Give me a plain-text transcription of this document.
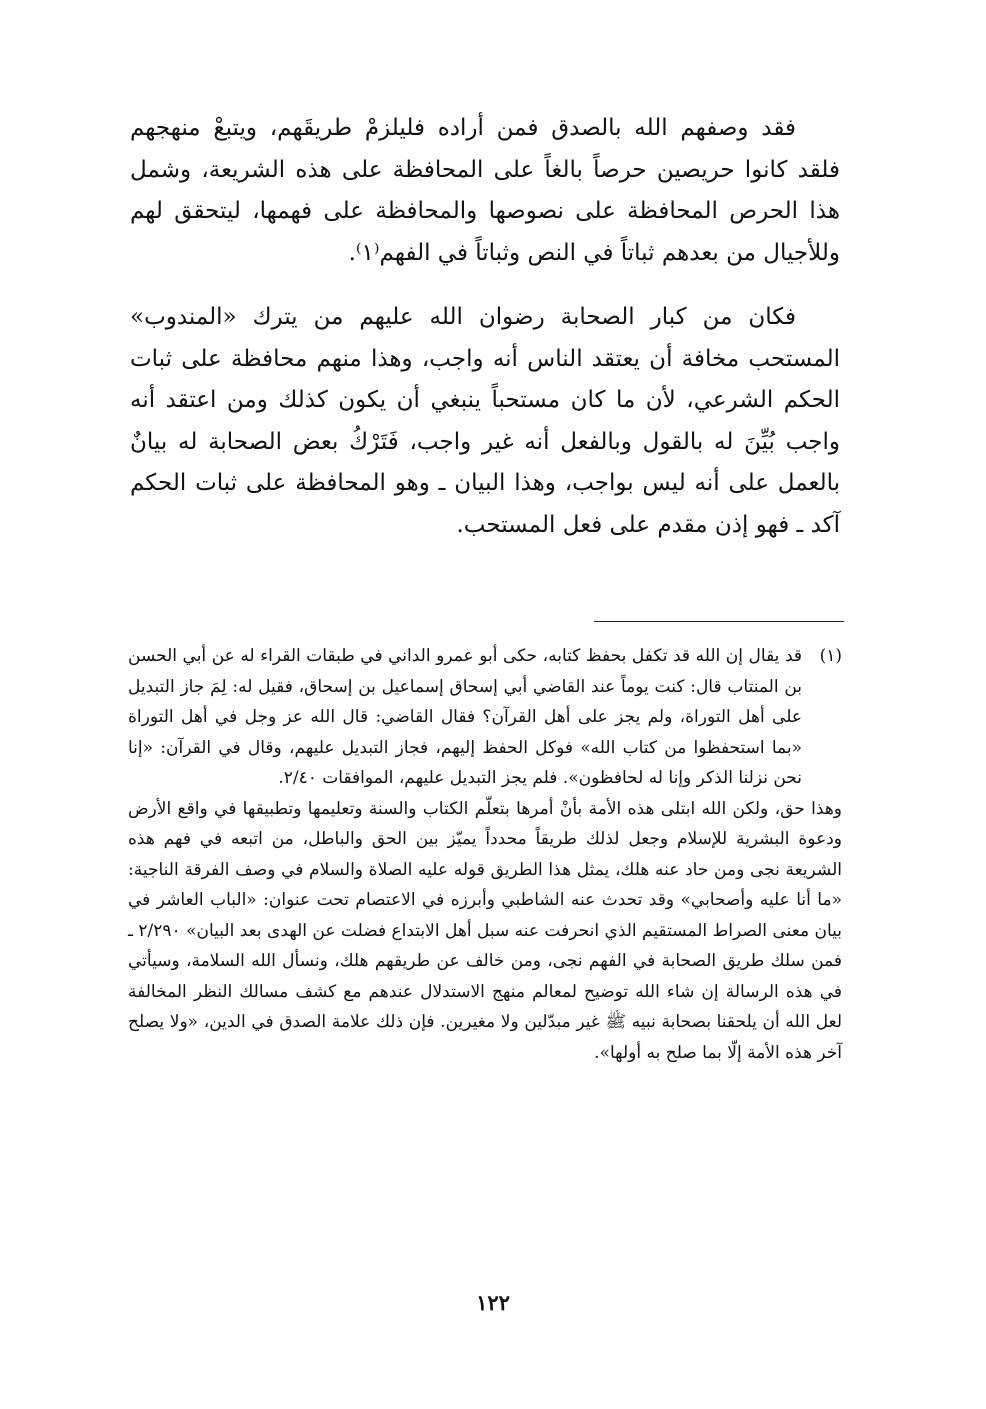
فقد وصفهم الله بالصدق فمن أراده فليلزمْ طريقَهم، ويتبعْ منهجهم فلقد كانوا حريصين حرصاً بالغاً على المحافظة على هذه الشريعة، وشمل هذا الحرص المحافظة على نصوصها والمحافظة على فهمها، ليتحقق لهم وللأجيال من بعدهم ثباتاً في النص وثباتاً في الفهم⁽١⁾.

فكان من كبار الصحابة رضوان الله عليهم من يترك «المندوب» المستحب مخافة أن يعتقد الناس أنه واجب، وهذا منهم محافظة على ثبات الحكم الشرعي، لأن ما كان مستحباً ينبغي أن يكون كذلك ومن اعتقد أنه واجب بُيِّنَ له بالقول وبالفعل أنه غير واجب، فَتَرْكُ بعض الصحابة له بيانٌ بالعمل على أنه ليس بواجب، وهذا البيان ـ وهو المحافظة على ثبات الحكم آكد ـ فهو إذن مقدم على فعل المستحب.

(١)

قد يقال إن الله قد تكفل بحفظ كتابه، حكى أبو عمرو الداني في طبقات القراء له عن أبي الحسن بن المنتاب قال: كنت يوماً عند القاضي أبي إسحاق إسماعيل بن إسحاق، فقيل له: لِمَ جاز التبديل على أهل التوراة، ولم يجز على أهل القرآن؟ فقال القاضي: قال الله عز وجل في أهل التوراة «بما استحفظوا من كتاب الله» فوكل الحفظ إليهم، فجاز التبديل عليهم، وقال في القرآن: «إنا نحن نزلنا الذكر وإنا له لحافظون». فلم يجز التبديل عليهم، الموافقات ٢/٤٠.

وهذا حق، ولكن الله ابتلى هذه الأمة بأنْ أمرها بتعلّم الكتاب والسنة وتعليمها وتطبيقها في واقع الأرض ودعوة البشرية للإسلام وجعل لذلك طريقاً محدداً يميّز بين الحق والباطل، من اتبعه في فهم هذه الشريعة نجى ومن حاد عنه هلك، يمثل هذا الطريق قوله عليه الصلاة والسلام في وصف الفرقة الناجية: «ما أنا عليه وأصحابي» وقد تحدث عنه الشاطبي وأبرزه في الاعتصام تحت عنوان: «الباب العاشر في بيان معنى الصراط المستقيم الذي انحرفت عنه سبل أهل الابتداع فضلت عن الهدى بعد البيان» ٢/٢٩٠ ـ فمن سلك طريق الصحابة في الفهم نجى، ومن خالف عن طريقهم هلك، ونسأل الله السلامة، وسيأتي في هذه الرسالة إن شاء الله توضيح لمعالم منهج الاستدلال عندهم مع كشف مسالك النظر المخالفة لعل الله أن يلحقنا بصحابة نبيه ﷺ غير مبدّلين ولا مغيرين. فإن ذلك علامة الصدق في الدين، «ولا يصلح آخر هذه الأمة إلّا بما صلح به أولها».

١٢٢
